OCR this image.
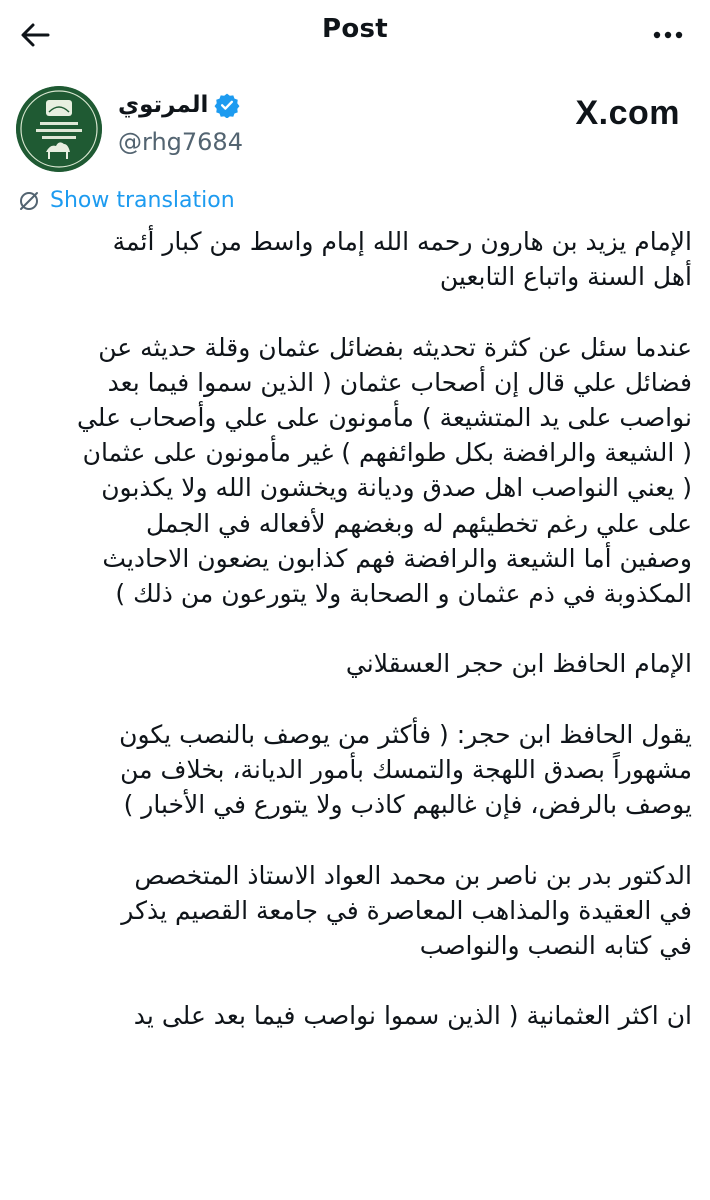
Post
المرتوي
@rhg7684
X.com
Show translation
الإمام يزيد بن هارون رحمه الله إمام واسط من كبار أئمة
أهل السنة واتباع التابعين
عندما سئل عن كثرة تحديثه بفضائل عثمان وقلة حديثه عن
فضائل علي قال إن أصحاب عثمان ( الذين سموا فيما بعد
نواصب على يد المتشيعة ) مأمونون على علي وأصحاب علي
( الشيعة والرافضة بكل طوائفهم ) غير مأمونون على عثمان
( يعني النواصب اهل صدق وديانة ويخشون الله ولا يكذبون
على علي رغم تخطيئهم له وبغضهم لأفعاله في الجمل
وصفين أما الشيعة والرافضة فهم كذابون يضعون الاحاديث
المكذوبة في ذم عثمان و الصحابة ولا يتورعون من ذلك )
الإمام الحافظ ابن حجر العسقلاني
يقول الحافظ ابن حجر: ( فأكثر من يوصف بالنصب يكون
مشهوراً بصدق اللهجة والتمسك بأمور الديانة، بخلاف من
يوصف بالرفض، فإن غالبهم كاذب ولا يتورع في الأخبار )
الدكتور بدر بن ناصر بن محمد العواد الاستاذ المتخصص
في العقيدة والمذاهب المعاصرة في جامعة القصيم يذكر
في كتابه النصب والنواصب
ان اكثر العثمانية ( الذين سموا نواصب فيما بعد على يد
